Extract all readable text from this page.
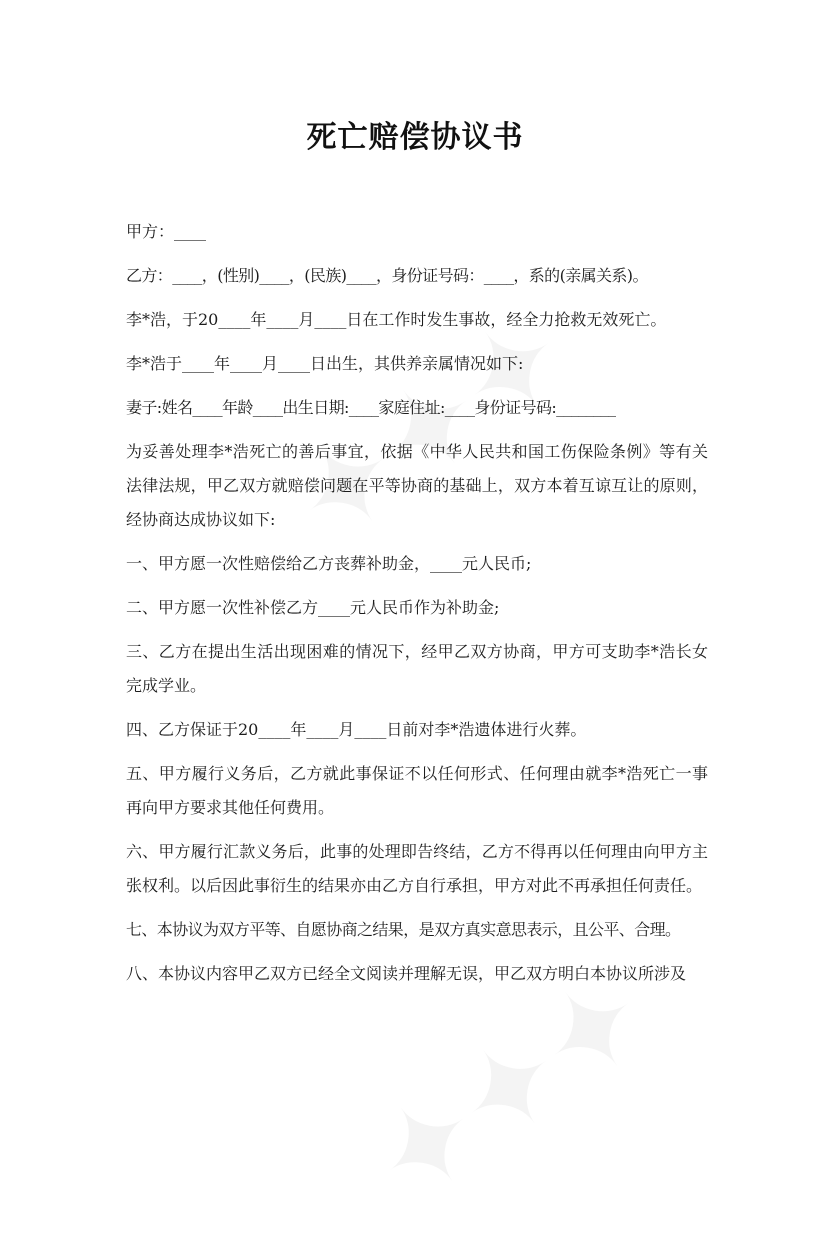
死亡赔偿协议书

甲方：____

乙方：____，(性别)____，(民族)____，身份证号码：____，系的(亲属关系)。

李*浩，于20____年____月____日在工作时发生事故，经全力抢救无效死亡。

李*浩于____年____月____日出生，其供养亲属情况如下:

妻子:姓名____年龄____出生日期:____家庭住址:____身份证号码:________

为妥善处理李*浩死亡的善后事宜，依据《中华人民共和国工伤保险条例》等有关法律法规，甲乙双方就赔偿问题在平等协商的基础上，双方本着互谅互让的原则，经协商达成协议如下:

一、甲方愿一次性赔偿给乙方丧葬补助金，____元人民币;

二、甲方愿一次性补偿乙方____元人民币作为补助金;

三、乙方在提出生活出现困难的情况下，经甲乙双方协商，甲方可支助李*浩长女完成学业。

四、乙方保证于20____年____月____日前对李*浩遗体进行火葬。

五、甲方履行义务后，乙方就此事保证不以任何形式、任何理由就李*浩死亡一事再向甲方要求其他任何费用。

六、甲方履行汇款义务后，此事的处理即告终结，乙方不得再以任何理由向甲方主张权利。以后因此事衍生的结果亦由乙方自行承担，甲方对此不再承担任何责任。

七、本协议为双方平等、自愿协商之结果，是双方真实意思表示，且公平、合理。

八、本协议内容甲乙双方已经全文阅读并理解无误，甲乙双方明白本协议所涉及
